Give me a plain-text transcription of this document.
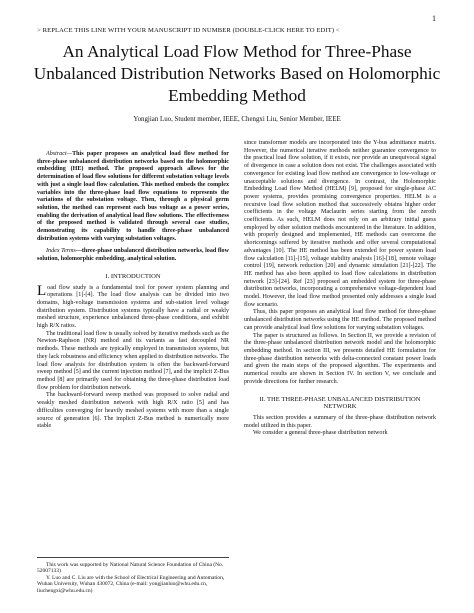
1
> REPLACE THIS LINE WITH YOUR MANUSCRIPT ID NUMBER (DOUBLE-CLICK HERE TO EDIT) <
An Analytical Load Flow Method for Three-Phase Unbalanced Distribution Networks Based on Holomorphic Embedding Method
Yongjian Luo, Student member, IEEE, Chengxi Liu, Senior Member, IEEE

Abstract—This paper proposes an analytical load flow method for three-phase unbalanced distribution networks based on the holomorphic embedding (HE) method. The proposed approach allows for the determination of load flow solutions for different substation voltage levels with just a single load flow calculation. This method embeds the complex variables into the three-phase load flow equations to represents the variations of the substation voltage. Then, through a physical germ solution, the method can represent each bus voltage as a power series, enabling the derivation of analytical load flow solutions. The effectiveness of the proposed method is validated through several case studies, demonstrating its capability to handle three-phase unbalanced distribution systems with varying substation voltages.

Index Terms—three-phase unbalanced distribution networks, load flow solution, holomorphic embedding, analytical solution.

I. INTRODUCTION

Load flow study is a fundamental tool for power system planning and operations [1]-[4]. The load flow analysis can be divided into two domains, high-voltage transmission systems and sub-station level voltage distribution system. Distribution systems typically have a radial or weakly meshed structure, experience unbalanced three-phase conditions, and exhibit high R/X ratios.

The traditional load flow is usually solved by iterative methods such as the Newton-Raphson (NR) method and its variants as fast decoupled NR methods. These methods are typically employed in transmission systems, but they lack robustness and efficiency when applied to distribution networks. The load flow analysis for distribution system is often the backward-forward sweep method [5] and the current injection method [7], and the implicit Z-Bus method [8] are primarily used for obtaining the three-phase distribution load flow problem for distribution network.

The backward-forward sweep method was proposed to solve radial and weakly meshed distribution network with high R/X ratio [5] and has difficulties converging for heavily meshed systems with more than a single source of generation [6]. The implicit Z-Bus method is numerically more stable

This work was supported by National Natural Science Foundation of China (No. 52007133)

Y. Luo and C. Liu are with the School of Electrical Engineering and Automation, Wuhan University, Wuhan 430072, China (e-mail: yongjianluo@whu.edu.cn, liuchengxi@whu.edu.cn)

since transformer models are incorporated into the Y-bus admittance matrix. However, the numerical iterative methods neither guarantee convergence to the practical load flow solution, if it exists, nor provide an unequivocal signal of divergence in case a solution does not exist. The challenges associated with convergence for existing load flow method are convergence to low-voltage or unacceptable solutions and divergence. In contrast, the Holomorphic Embedding Load flow Method (HELM) [9], proposed for single-phase AC power systems, provides promising convergence properties. HELM is a recursive load flow solution method that successively obtains higher order coefficients in the voltage Maclaurin series starting from the zeroth coefficients. As such, HELM does not rely on an arbitrary initial guess employed by other solution methods encountered in the literature. In addition, with properly designed and implemented, HE methods can overcome the shortcomings suffered by iterative methods and offer several computational advantages [10]. The HE method has been extended for power system load flow calculation [11]-[15], voltage stability analysis [16]-[18], remote voltage control [19], network reduction [20] and dynamic simulation [21]-[22]. The HE method has also been applied to load flow calculations in distribution network [23]-[24]. Ref [23] proposed an embedded system for three-phase distribution networks, incorporating a comprehensive voltage-dependent load model. However, the load flow method presented only addresses a single load flow scenario.

Thus, this paper proposes an analytical load flow method for three-phase unbalanced distribution networks using the HE method. The proposed method can provide analytical load flow solutions for varying substation voltages.

The paper is structured as follows. In Section II, we provide a revision of the three-phase unbalanced distribution network model and the holomorphic embedding method. In section III, we presents detailed HE formulation for three-phase distribution networks with delta-connected constant power loads and given the main steps of the proposed algorithm. The experiments and numerical results are shown in Section IV. In section V, we conclude and provide directions for further research.

II. THE THREE-PHASE UNBALANCED DISTRIBUTION NETWORK

This section provides a summary of the three-phase distribution network model utilized in this paper.

We consider a general three-phase distribution network
